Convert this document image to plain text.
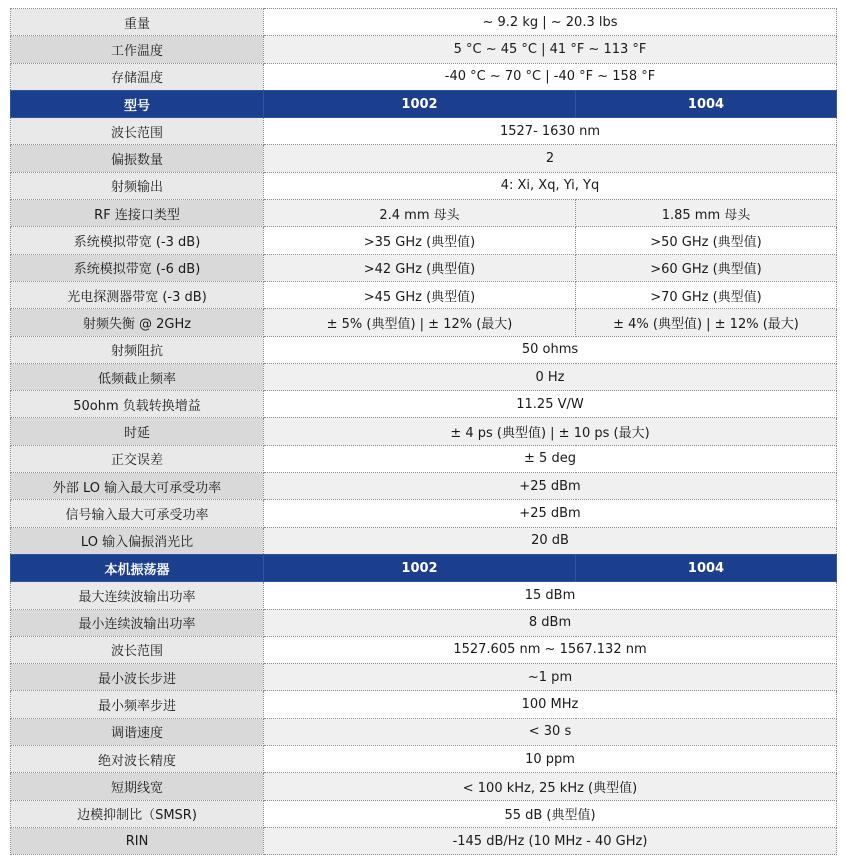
重量	~ 9.2 kg | ~ 20.3 lbs	
工作温度	5 °C ~ 45 °C | 41 °F ~ 113 °F	
存储温度	-40 °C ~ 70 °C | -40 °F ~ 158 °F	
型号	1002	1004
波长范围	1527- 1630 nm	
偏振数量	2	
射频输出	4: Xi, Xq, Yi, Yq	
RF 连接口类型	2.4 mm 母头	1.85 mm 母头
系统模拟带宽 (-3 dB)	>35 GHz (典型值)	>50 GHz (典型值)
系统模拟带宽 (-6 dB)	>42 GHz (典型值)	>60 GHz (典型值)
光电探测器带宽 (-3 dB)	>45 GHz (典型值)	>70 GHz (典型值)
射频失衡 @ 2GHz	± 5% (典型值) | ± 12% (最大)	± 4% (典型值) | ± 12% (最大)
射频阻抗	50 ohms	
低频截止频率	0 Hz	
50ohm 负载转换增益	11.25 V/W	
时延	± 4 ps (典型值) | ± 10 ps (最大)	
正交误差	± 5 deg	
外部 LO 输入最大可承受功率	+25 dBm	
信号输入最大可承受功率	+25 dBm	
LO 输入偏振消光比	20 dB	
本机振荡器	1002	1004
最大连续波输出功率	15 dBm	
最小连续波输出功率	8 dBm	
波长范围	1527.605 nm ~ 1567.132 nm	
最小波长步进	~1 pm	
最小频率步进	100 MHz	
调谐速度	< 30 s	
绝对波长精度	10 ppm	
短期线宽	< 100 kHz, 25 kHz (典型值)	
边模抑制比（SMSR)	55 dB (典型值)	
RIN	-145 dB/Hz (10 MHz - 40 GHz)	
